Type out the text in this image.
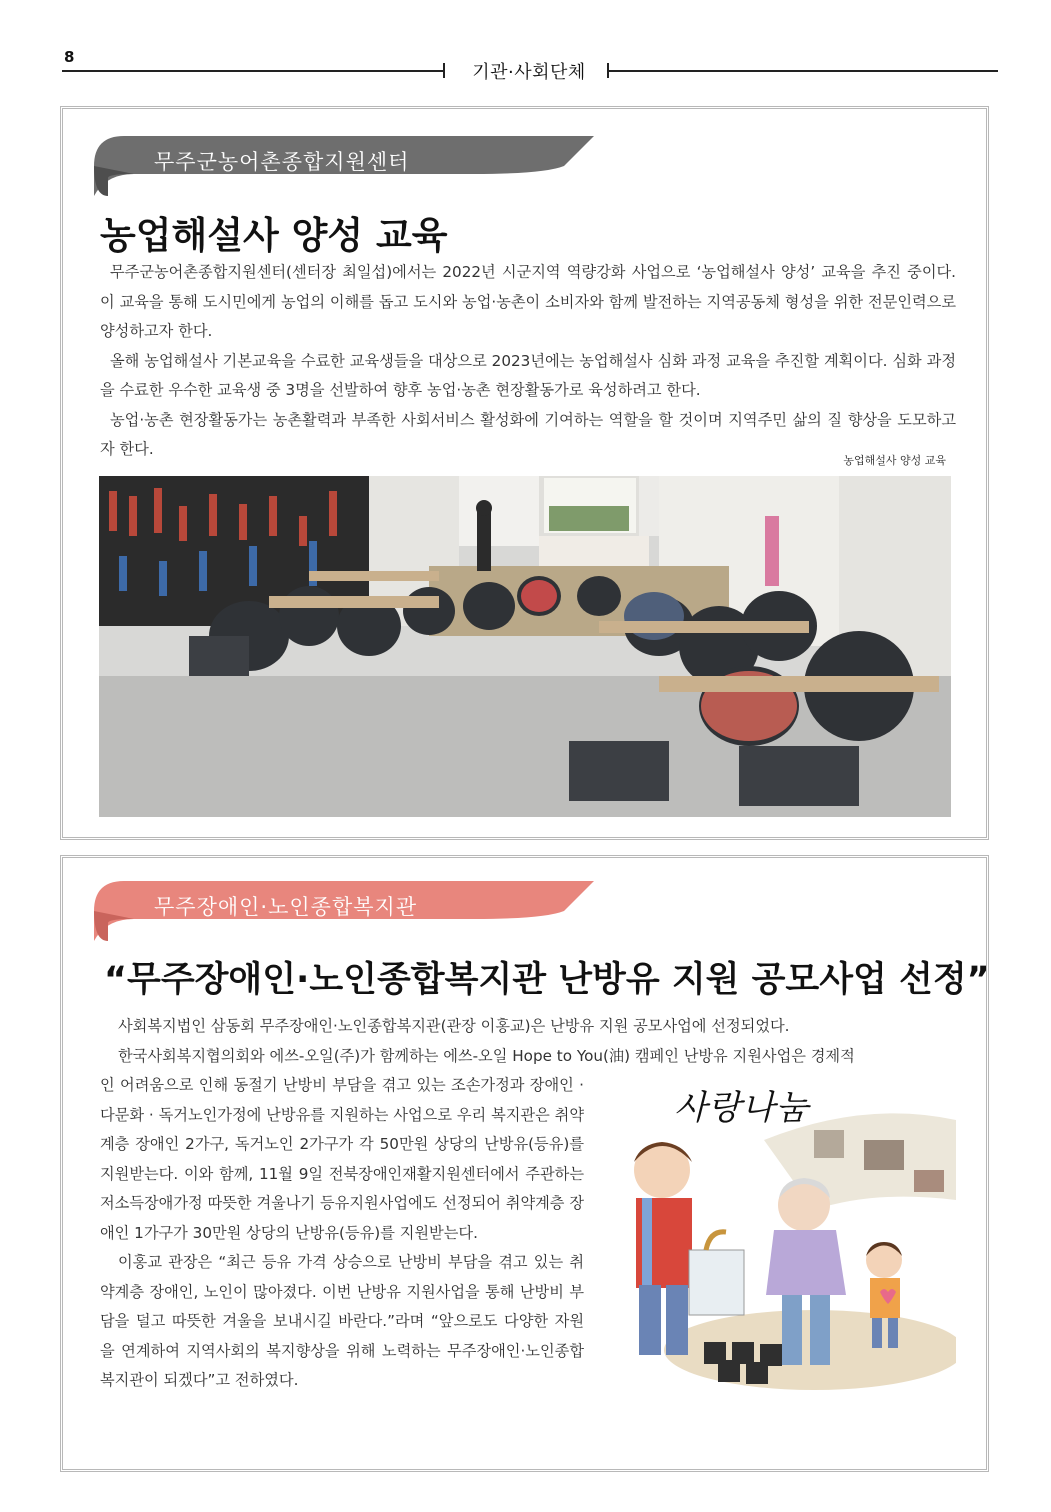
8
기관·사회단체
무주군농어촌종합지원센터
농업해설사 양성 교육

무주군농어촌종합지원센터(센터장 최일섭)에서는 2022년 시군지역 역량강화 사업으로 ‘농업해설사 양성’ 교육을 추진 중이다. 이 교육을 통해 도시민에게 농업의 이해를 돕고 도시와 농업·농촌이 소비자와 함께 발전하는 지역공동체 형성을 위한 전문인력으로 양성하고자 한다.

올해 농업해설사 기본교육을 수료한 교육생들을 대상으로 2023년에는 농업해설사 심화 과정 교육을 추진할 계획이다. 심화 과정을 수료한 우수한 교육생 중 3명을 선발하여 향후 농업·농촌 현장활동가로 육성하려고 한다.

농업·농촌 현장활동가는 농촌활력과 부족한 사회서비스 활성화에 기여하는 역할을 할 것이며 지역주민 삶의 질 향상을 도모하고자 한다.

농업해설사 양성 교육
무주장애인·노인종합복지관
“무주장애인·노인종합복지관 난방유 지원 공모사업 선정”

사회복지법인 삼동회 무주장애인·노인종합복지관(관장 이홍교)은 난방유 지원 공모사업에 선정되었다.

한국사회복지협의회와 에쓰-오일(주)가 함께하는 에쓰-오일 Hope to You(油) 캠페인 난방유 지원사업은 경제적

인 어려움으로 인해 동절기 난방비 부담을 겪고 있는 조손가정과 장애인 · 다문화 · 독거노인가정에 난방유를 지원하는 사업으로 우리 복지관은 취약계층 장애인 2가구, 독거노인 2가구가 각 50만원 상당의 난방유(등유)를 지원받는다. 이와 함께, 11월 9일 전북장애인재활지원센터에서 주관하는 저소득장애가정 따뜻한 겨울나기 등유지원사업에도 선정되어 취약계층 장애인 1가구가 30만원 상당의 난방유(등유)를 지원받는다.

이홍교 관장은 “최근 등유 가격 상승으로 난방비 부담을 겪고 있는 취약계층 장애인, 노인이 많아졌다. 이번 난방유 지원사업을 통해 난방비 부담을 덜고 따뜻한 겨울을 보내시길 바란다.”라며 “앞으로도 다양한 자원을 연계하여 지역사회의 복지향상을 위해 노력하는 무주장애인·노인종합복지관이 되겠다”고 전하였다.

사랑나눔
